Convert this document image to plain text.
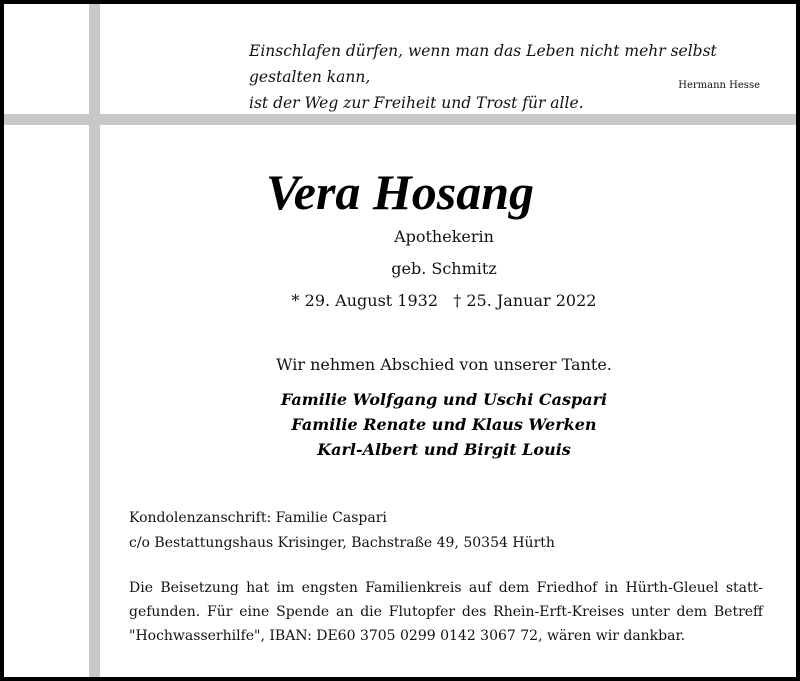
Einschlafen dürfen, wenn man das Leben nicht mehr selbst gestalten kann,
ist der Weg zur Freiheit und Trost für alle.
Hermann Hesse
Vera Hosang
Apothekerin
geb. Schmitz
* 29. August 1932   † 25. Januar 2022
Wir nehmen Abschied von unserer Tante.
Familie Wolfgang und Uschi Caspari
Familie Renate und Klaus Werken
Karl-Albert und Birgit Louis
Kondolenzanschrift: Familie Caspari
c/o Bestattungshaus Krisinger, Bachstraße 49, 50354 Hürth
Die Beisetzung hat im engsten Familienkreis auf dem Friedhof in Hürth-Gleuel statt-
gefunden. Für eine Spende an die Flutopfer des Rhein-Erft-Kreises unter dem Betreff
"Hochwasserhilfe", IBAN: DE60 3705 0299 0142 3067 72, wären wir dankbar.
